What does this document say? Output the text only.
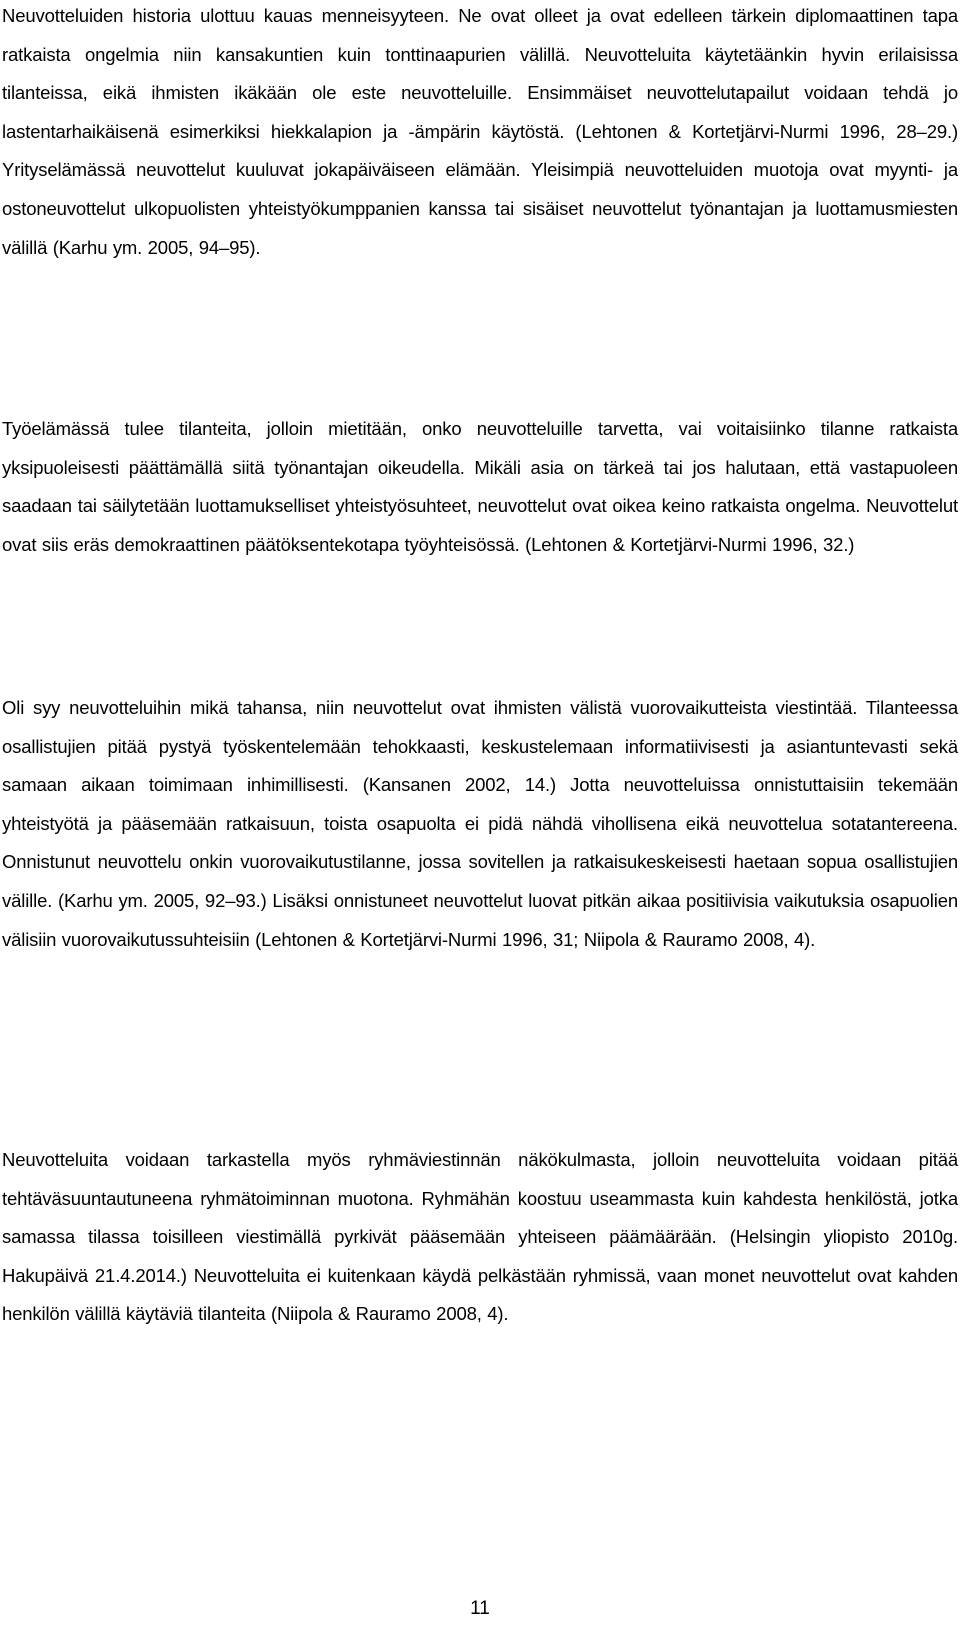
Neuvotteluiden historia ulottuu kauas menneisyyteen. Ne ovat olleet ja ovat edelleen tärkein diplomaattinen tapa ratkaista ongelmia niin kansakuntien kuin tonttinaapurien välillä. Neuvotteluita käytetäänkin hyvin erilaisissa tilanteissa, eikä ihmisten ikäkään ole este neuvotteluille. Ensimmäiset neuvottelutapailut voidaan tehdä jo lastentarhaikäisenä esimerkiksi hiekkalapion ja -ämpärin käytöstä. (Lehtonen & Kortetjärvi-Nurmi 1996, 28–29.) Yrityselämässä neuvottelut kuuluvat jokapäiväiseen elämään. Yleisimpiä neuvotteluiden muotoja ovat myynti- ja ostoneuvottelut ulkopuolisten yhteistyökumppanien kanssa tai sisäiset neuvottelut työnantajan ja luottamusmiesten välillä (Karhu ym. 2005, 94–95).

Työelämässä tulee tilanteita, jolloin mietitään, onko neuvotteluille tarvetta, vai voitaisiinko tilanne ratkaista yksipuoleisesti päättämällä siitä työnantajan oikeudella. Mikäli asia on tärkeä tai jos halutaan, että vastapuoleen saadaan tai säilytetään luottamukselliset yhteistyösuhteet, neuvottelut ovat oikea keino ratkaista ongelma. Neuvottelut ovat siis eräs demokraattinen päätöksentekotapa työyhteisössä. (Lehtonen & Kortetjärvi-Nurmi 1996, 32.)

Oli syy neuvotteluihin mikä tahansa, niin neuvottelut ovat ihmisten välistä vuorovaikutteista viestintää. Tilanteessa osallistujien pitää pystyä työskentelemään tehokkaasti, keskustelemaan informatiivisesti ja asiantuntevasti sekä samaan aikaan toimimaan inhimillisesti. (Kansanen 2002, 14.) Jotta neuvotteluissa onnistuttaisiin tekemään yhteistyötä ja pääsemään ratkaisuun, toista osapuolta ei pidä nähdä vihollisena eikä neuvottelua sotatantereena. Onnistunut neuvottelu onkin vuorovaikutustilanne, jossa sovitellen ja ratkaisukeskeisesti haetaan sopua osallistujien välille. (Karhu ym. 2005, 92–93.) Lisäksi onnistuneet neuvottelut luovat pitkän aikaa positiivisia vaikutuksia osapuolien välisiin vuorovaikutussuhteisiin (Lehtonen & Kortetjärvi-Nurmi 1996, 31; Niipola & Rauramo 2008, 4).

Neuvotteluita voidaan tarkastella myös ryhmäviestinnän näkökulmasta, jolloin neuvotteluita voidaan pitää tehtäväsuuntautuneena ryhmätoiminnan muotona. Ryhmähän koostuu useammasta kuin kahdesta henkilöstä, jotka samassa tilassa toisilleen viestimällä pyrkivät pääsemään yhteiseen päämäärään. (Helsingin yliopisto 2010g. Hakupäivä 21.4.2014.) Neuvotteluita ei kuitenkaan käydä pelkästään ryhmissä, vaan monet neuvottelut ovat kahden henkilön välillä käytäviä tilanteita (Niipola & Rauramo 2008, 4).

11
